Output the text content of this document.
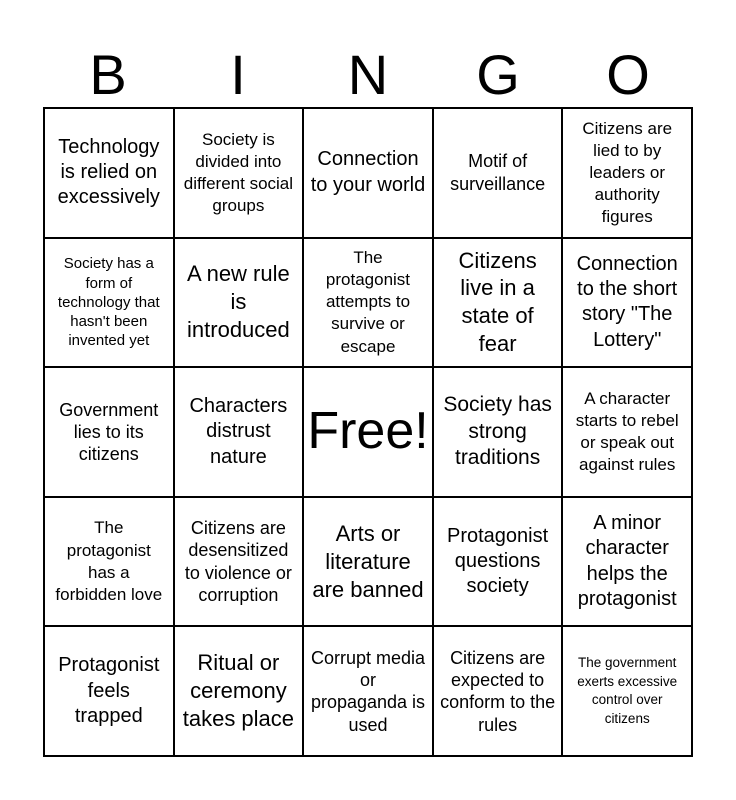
B	I	N	G	O
Technology is relied on excessively
Society is divided into different social groups
Connection to your world
Motif of surveillance
Citizens are lied to by leaders or authority figures
Society has a form of technology that hasn't been invented yet
A new rule is introduced
The protagonist attempts to survive or escape
Citizens live in a state of fear
Connection to the short story "The Lottery"
Government lies to its citizens
Characters distrust nature Free! Society has strong traditions
A character starts to rebel or speak out against rules
The protagonist has a forbidden love
Citizens are desensitized to violence or corruption
Arts or literature are banned
Protagonist questions society
A minor character helps the protagonist
Protagonist feels trapped
Ritual or ceremony takes place
Corrupt media or propaganda is used
Citizens are expected to conform to the rules
The government exerts excessive control over citizens
